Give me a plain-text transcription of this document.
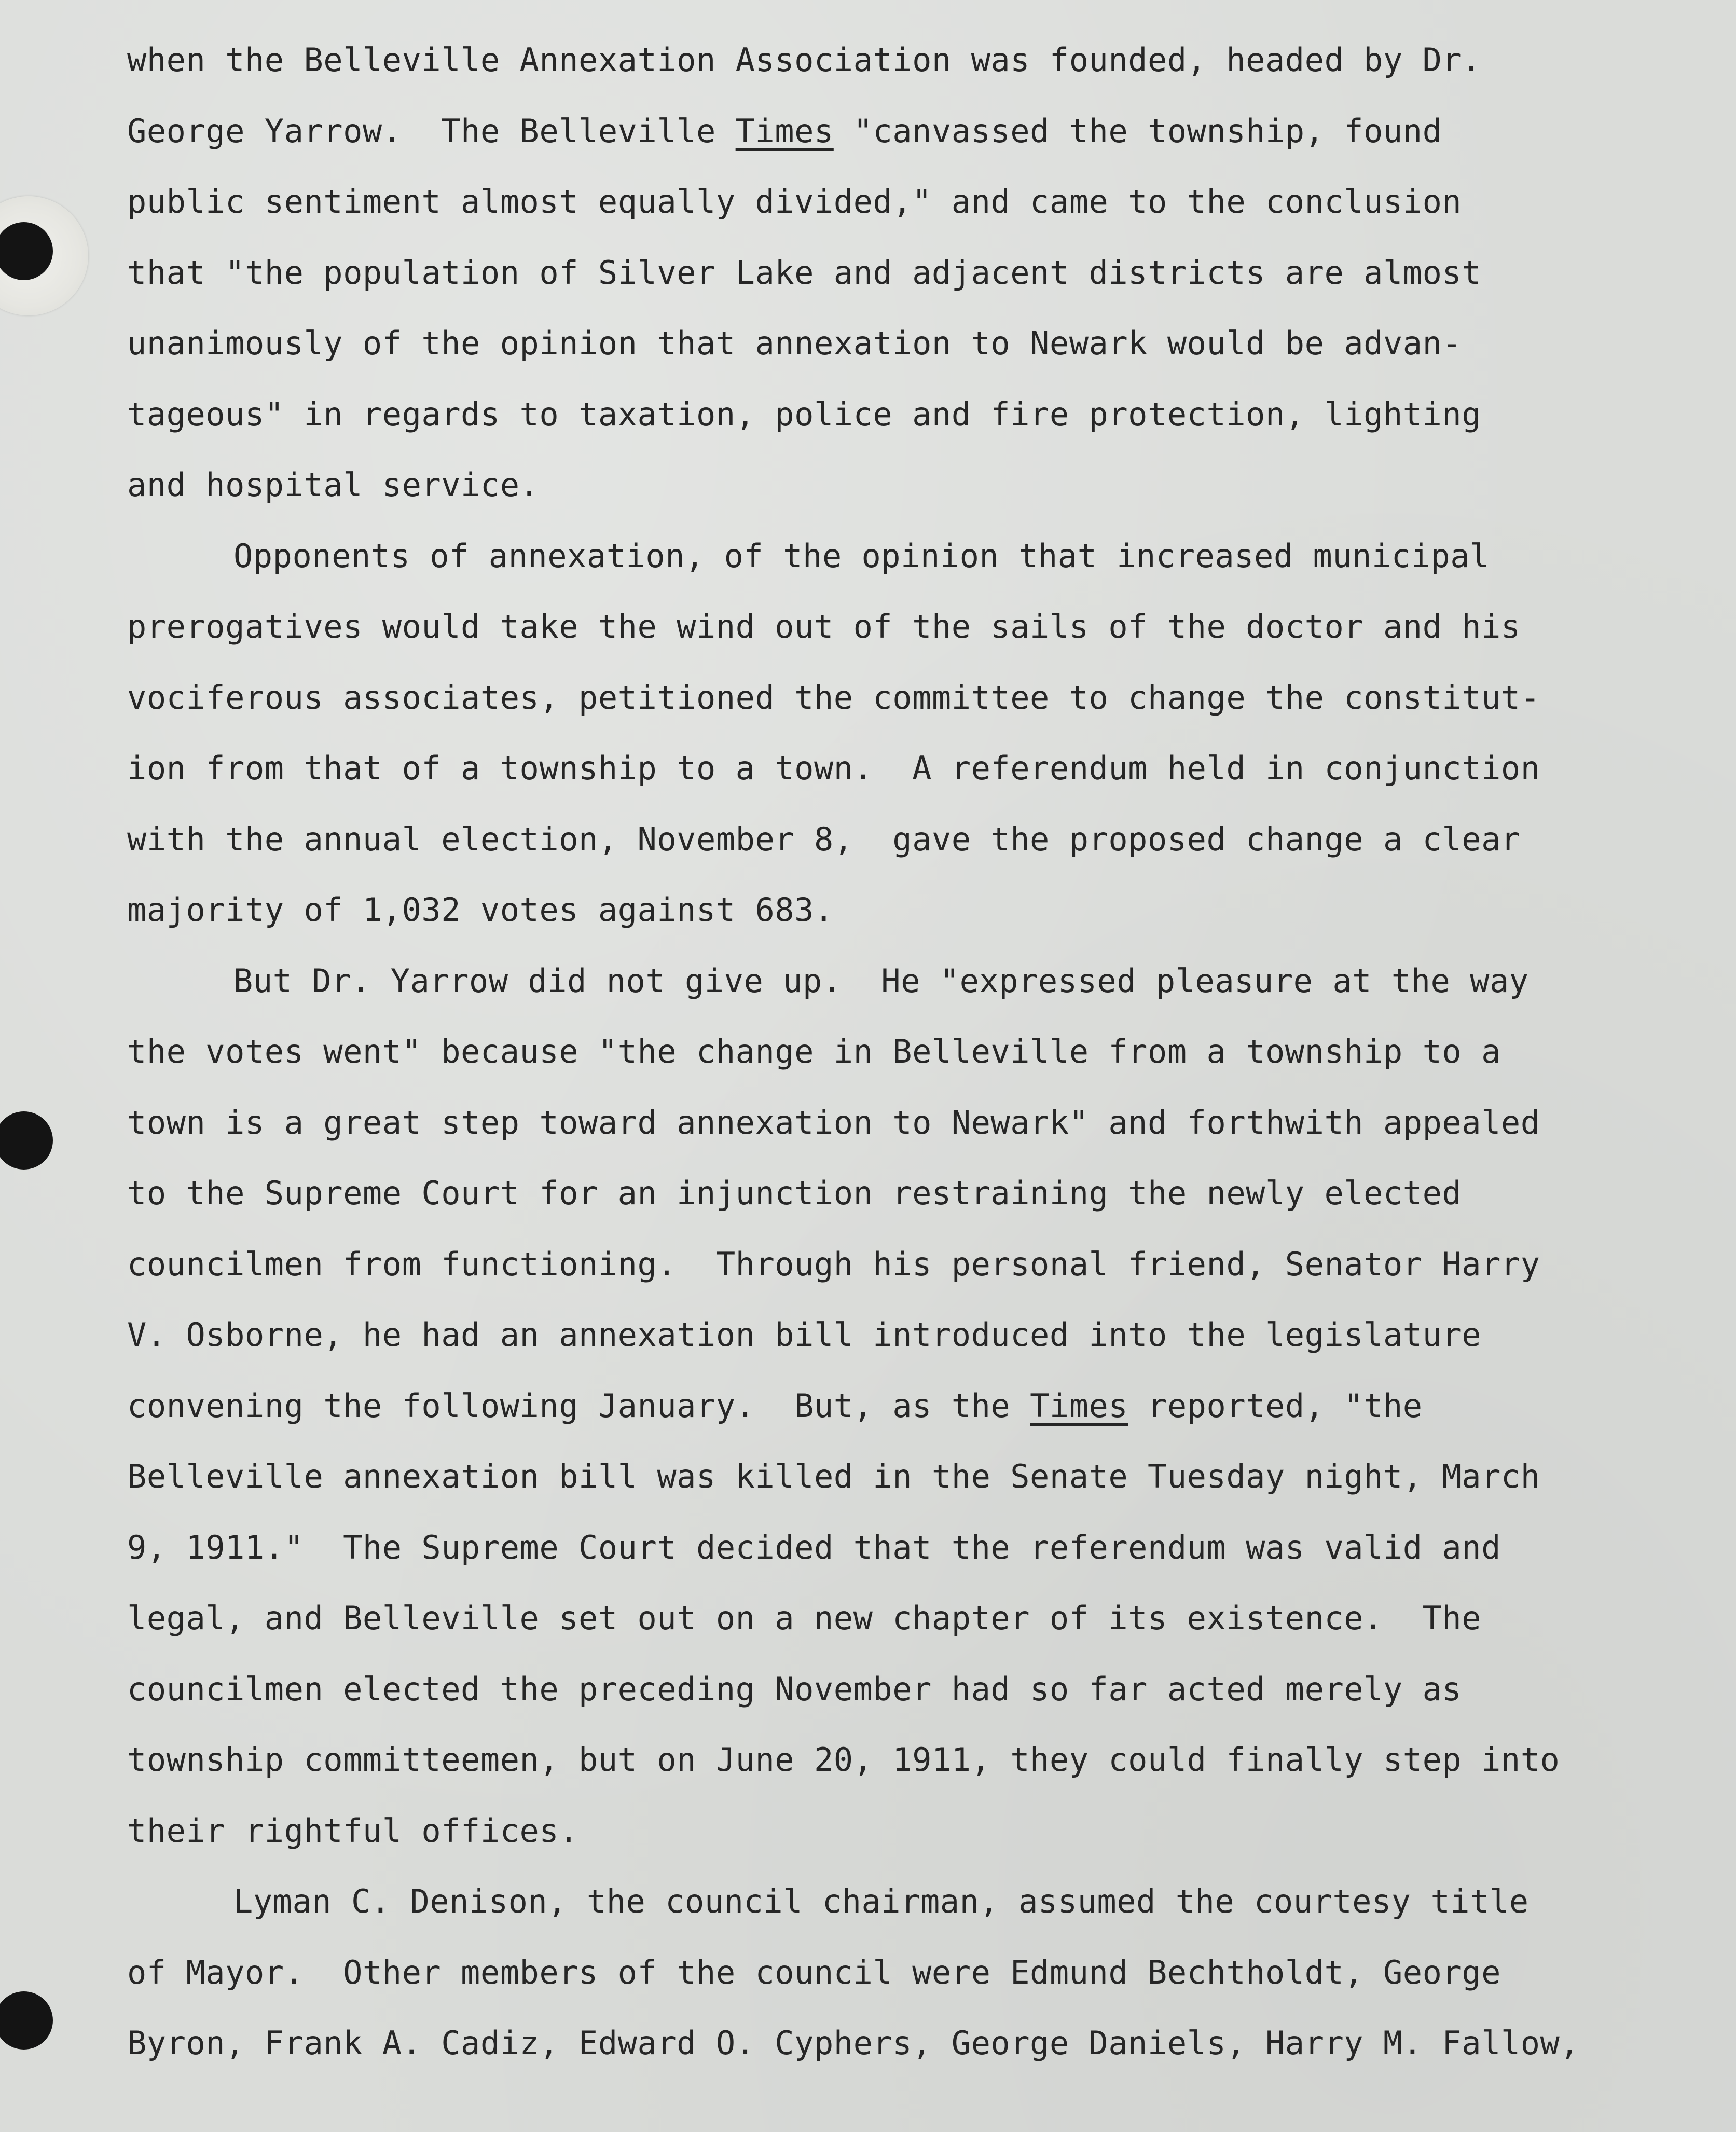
when the Belleville Annexation Association was founded, headed by Dr.
George Yarrow.  The Belleville Times "canvassed the township, found
public sentiment almost equally divided," and came to the conclusion
that "the population of Silver Lake and adjacent districts are almost
unanimously of the opinion that annexation to Newark would be advan-
tageous" in regards to taxation, police and fire protection, lighting
and hospital service.
Opponents of annexation, of the opinion that increased municipal
prerogatives would take the wind out of the sails of the doctor and his
vociferous associates, petitioned the committee to change the constitut-
ion from that of a township to a town.  A referendum held in conjunction
with the annual election, November 8,  gave the proposed change a clear
majority of 1,032 votes against 683.
But Dr. Yarrow did not give up.  He "expressed pleasure at the way
the votes went" because "the change in Belleville from a township to a
town is a great step toward annexation to Newark" and forthwith appealed
to the Supreme Court for an injunction restraining the newly elected
councilmen from functioning.  Through his personal friend, Senator Harry
V. Osborne, he had an annexation bill introduced into the legislature
convening the following January.  But, as the Times reported, "the
Belleville annexation bill was killed in the Senate Tuesday night, March
9, 1911."  The Supreme Court decided that the referendum was valid and
legal, and Belleville set out on a new chapter of its existence.  The
councilmen elected the preceding November had so far acted merely as
township committeemen, but on June 20, 1911, they could finally step into
their rightful offices.
Lyman C. Denison, the council chairman, assumed the courtesy title
of Mayor.  Other members of the council were Edmund Bechtholdt, George
Byron, Frank A. Cadiz, Edward O. Cyphers, George Daniels, Harry M. Fallow,
